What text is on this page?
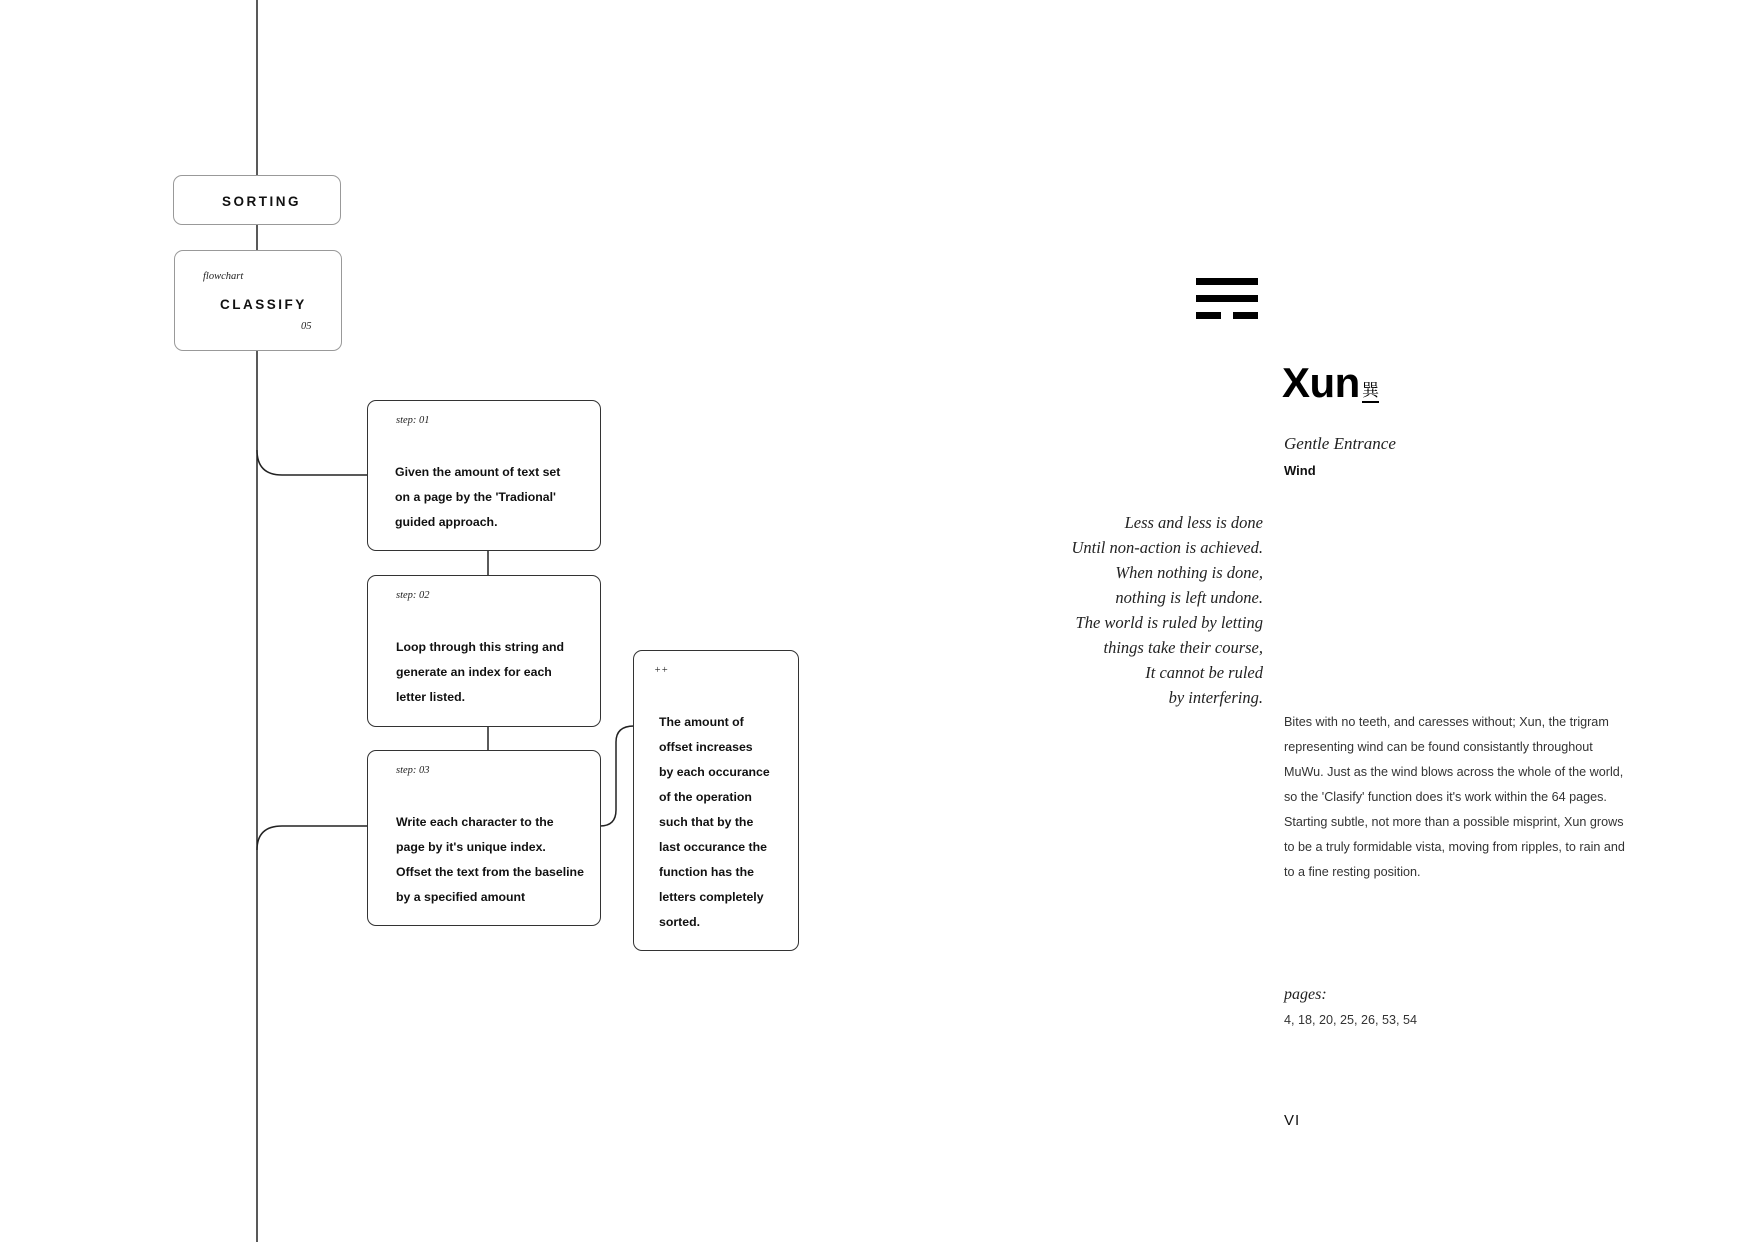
SORTING
flowchart
CLASSIFY
05
step: 01
Given the amount of text set
on a page by the 'Tradional'
guided approach.
step: 02
Loop through this string and
generate an index for each
letter listed.
step: 03
Write each character to the
page by it's unique index.
Offset the text from the baseline
by a specified amount
++
The amount of
offset increases
by each occurance
of the operation
such that by the
last occurance the
function has the
letters completely
sorted.
Xun 巽
Gentle Entrance
Wind
Less and less is done
Until non-action is achieved.
When nothing is done,
nothing is left undone.
The world is ruled by letting
things take their course,
It cannot be ruled
by interfering.
Bites with no teeth, and caresses without; Xun, the trigram representing wind can be found consistantly throughout MuWu. Just as the wind blows across the whole of the world, so the 'Clasify' function does it's work within the 64 pages. Starting subtle, not more than a possible misprint, Xun grows to be a truly formidable vista, moving from ripples, to rain and to a fine resting position.
pages:
4, 18, 20, 25, 26, 53, 54
VI
